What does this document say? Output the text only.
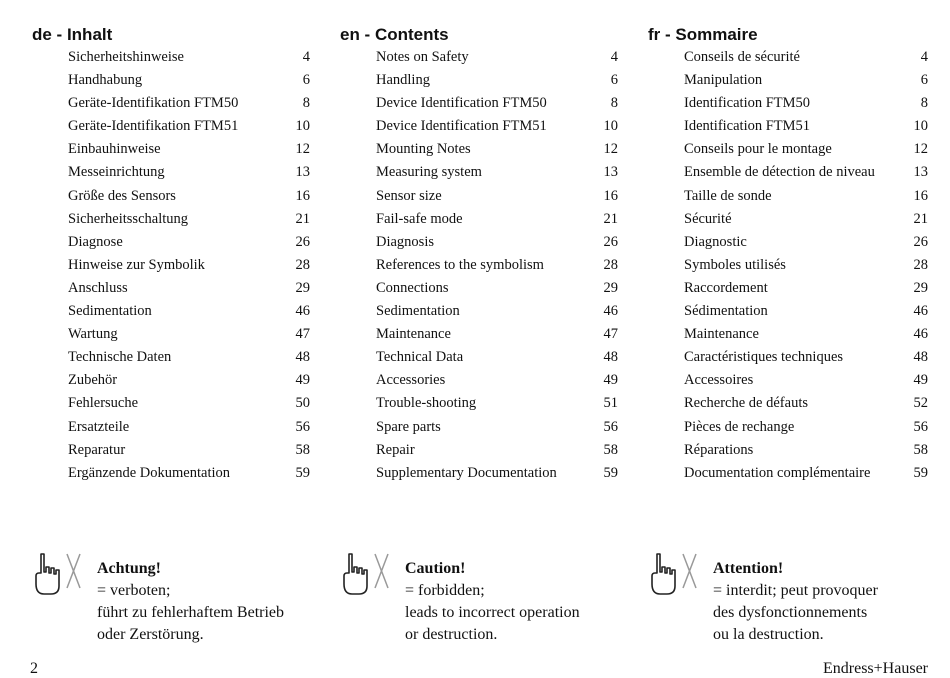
de - Inhalt
Sicherheitshinweise	4
Handhabung	6
Geräte-Identifikation FTM50	8
Geräte-Identifikation FTM51	10
Einbauhinweise	12
Messeinrichtung	13
Größe des Sensors	16
Sicherheitsschaltung	21
Diagnose	26
Hinweise zur Symbolik	28
Anschluss	29
Sedimentation	46
Wartung	47
Technische Daten	48
Zubehör	49
Fehlersuche	50
Ersatzteile	56
Reparatur	58
Ergänzende Dokumentation	59
en - Contents
Notes on Safety	4
Handling	6
Device Identification FTM50	8
Device Identification FTM51	10
Mounting Notes	12
Measuring system	13
Sensor size	16
Fail-safe mode	21
Diagnosis	26
References to the symbolism	28
Connections	29
Sedimentation	46
Maintenance	47
Technical Data	48
Accessories	49
Trouble-shooting	51
Spare parts	56
Repair	58
Supplementary Documentation	59
fr - Sommaire
Conseils de sécurité	4
Manipulation	6
Identification FTM50	8
Identification FTM51	10
Conseils pour le montage	12
Ensemble de détection de niveau	13
Taille de sonde	16
Sécurité	21
Diagnostic	26
Symboles utilisés	28
Raccordement	29
Sédimentation	46
Maintenance	46
Caractéristiques techniques	48
Accessoires	49
Recherche de défauts	52
Pièces de rechange	56
Réparations	58
Documentation complémentaire	59
Achtung!
= verboten;
führt zu fehlerhaftem Betrieb
oder Zerstörung.
Caution!
= forbidden;
leads to incorrect operation
or destruction.
Attention!
= interdit; peut provoquer
des dysfonctionnements
ou la destruction.
2	Endress+Hauser
